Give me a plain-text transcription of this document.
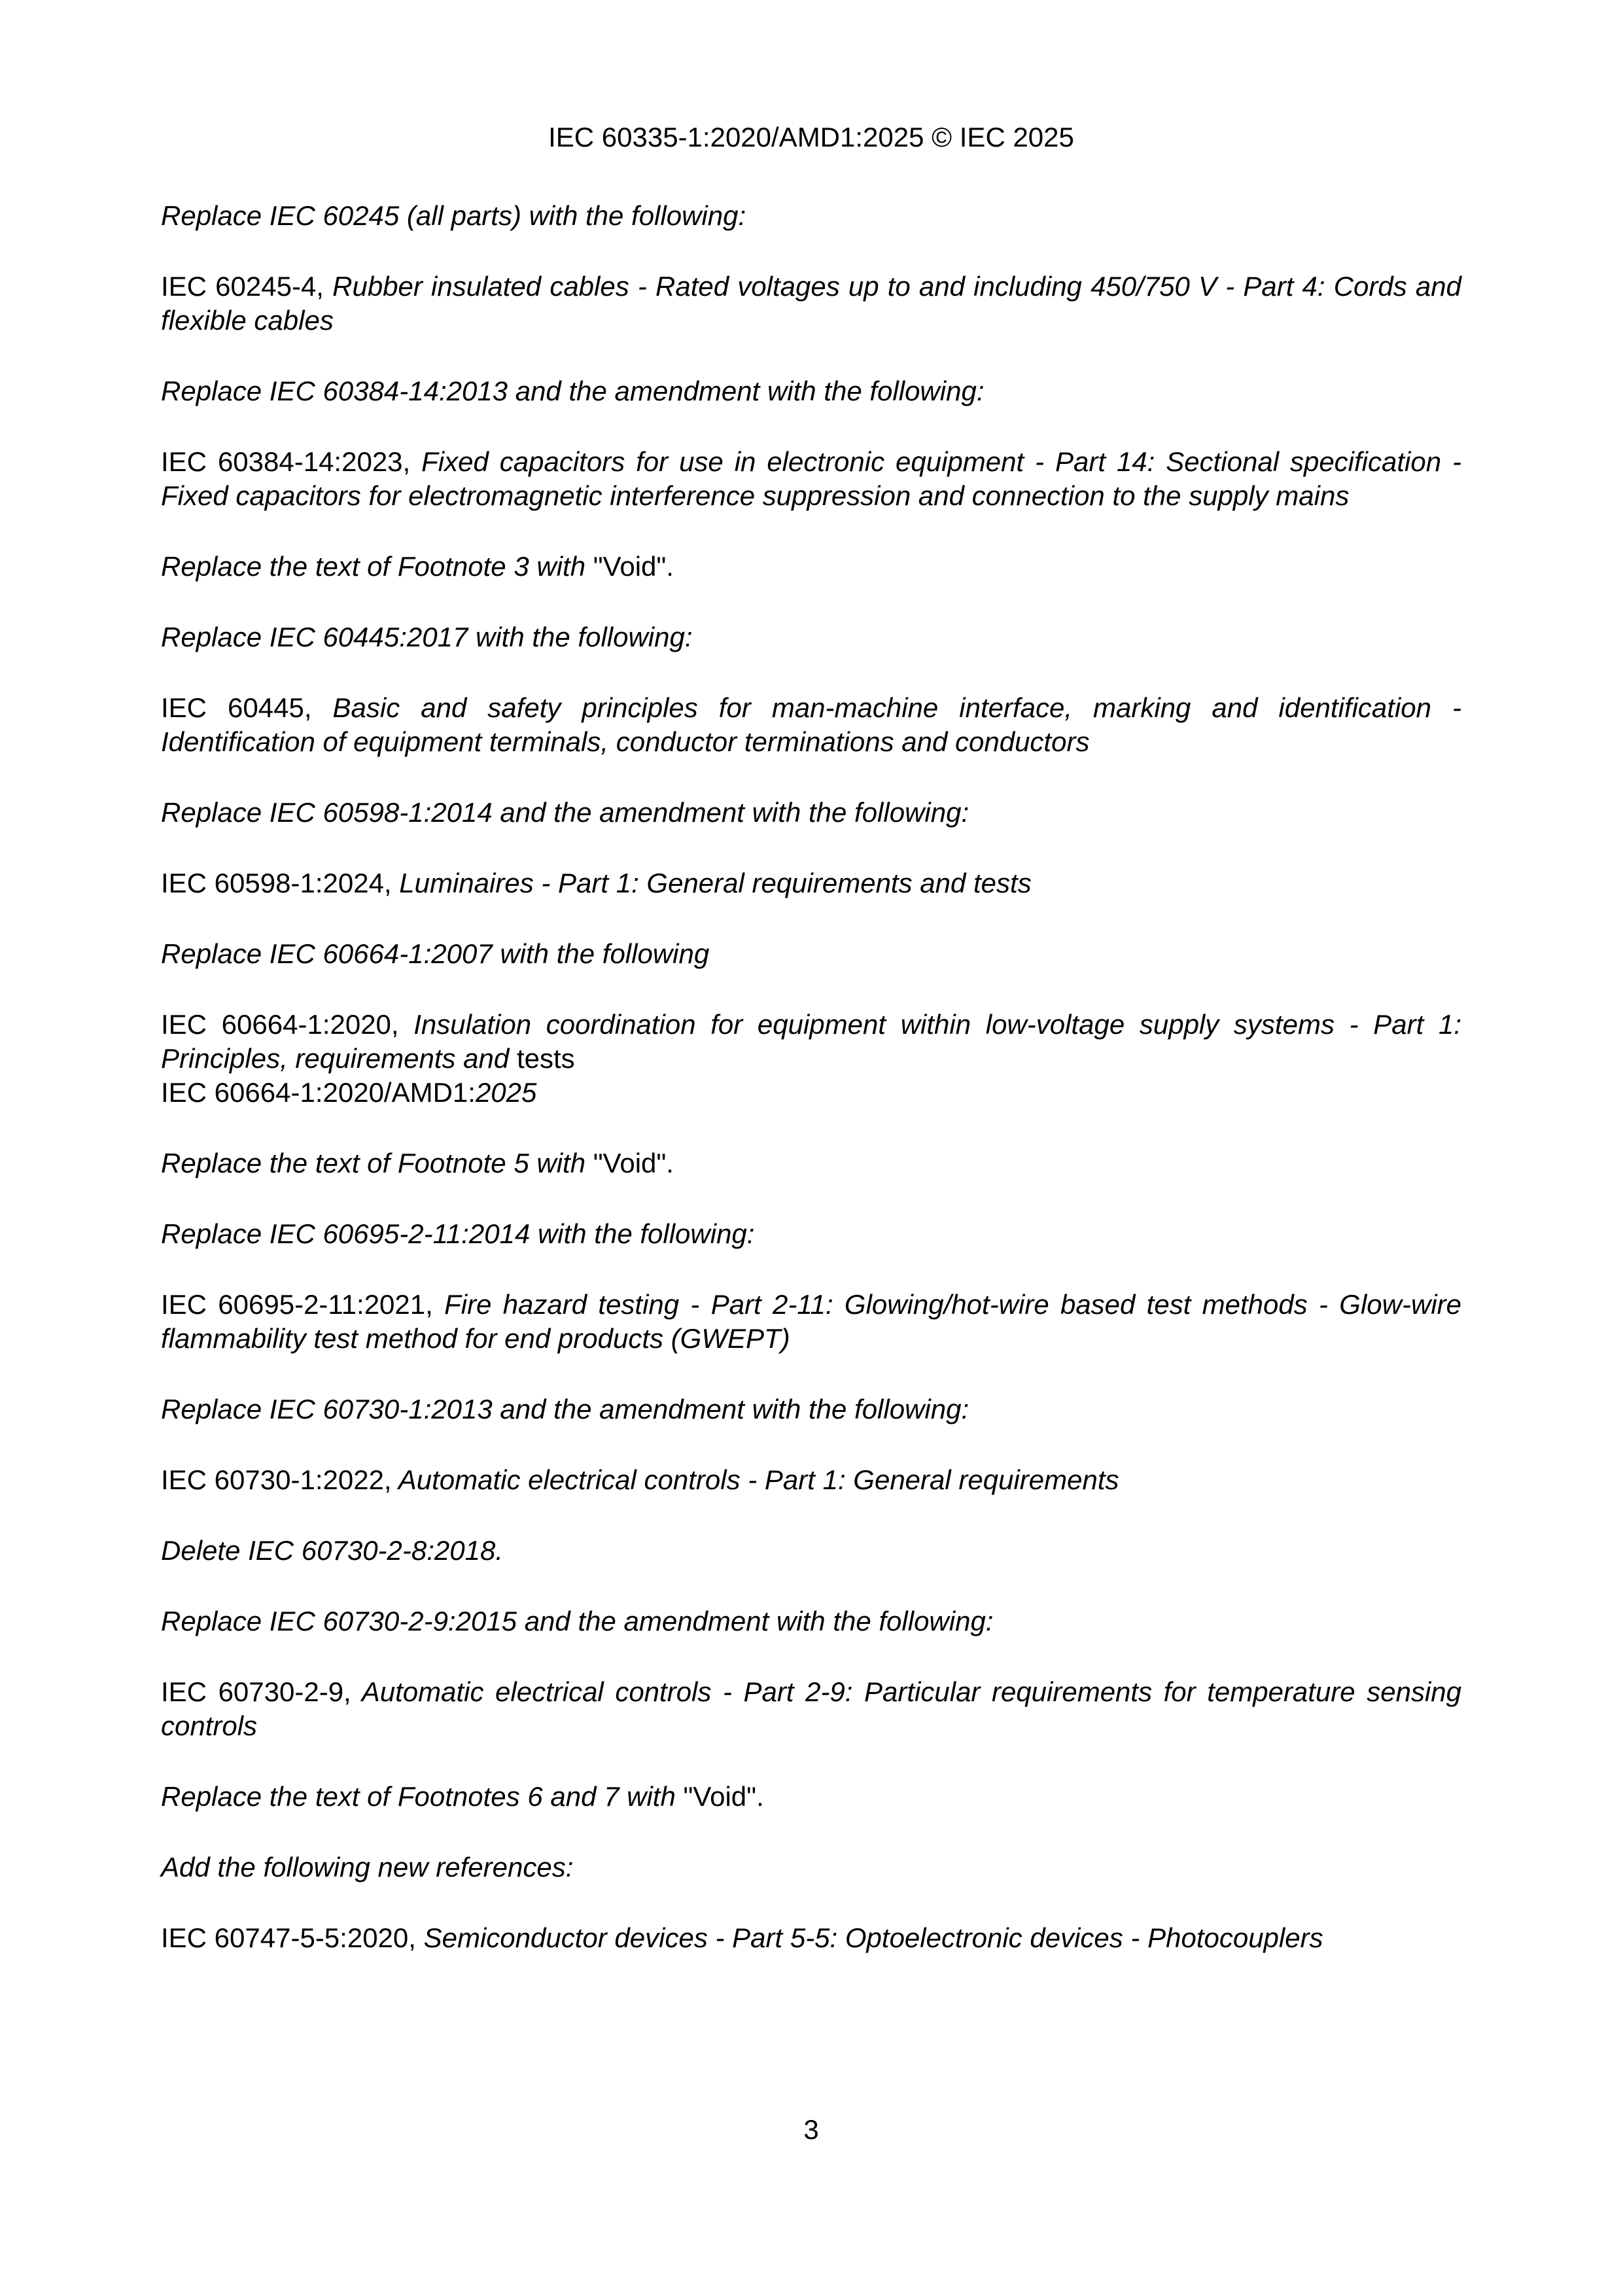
IEC 60335-1:2020/AMD1:2025 © IEC 2025

Replace IEC 60245 (all parts) with the following:

IEC 60245-4, Rubber insulated cables - Rated voltages up to and including 450/750 V - Part 4: Cords and flexible cables

Replace IEC 60384-14:2013 and the amendment with the following:

IEC 60384-14:2023, Fixed capacitors for use in electronic equipment - Part 14: Sectional specification - Fixed capacitors for electromagnetic interference suppression and connection to the supply mains

Replace the text of Footnote 3 with "Void".

Replace IEC 60445:2017 with the following:

IEC 60445, Basic and safety principles for man-machine interface, marking and identification - Identification of equipment terminals, conductor terminations and conductors

Replace IEC 60598-1:2014 and the amendment with the following:

IEC 60598-1:2024, Luminaires - Part 1: General requirements and tests

Replace IEC 60664-1:2007 with the following

IEC 60664-1:2020, Insulation coordination for equipment within low-voltage supply systems - Part 1: Principles, requirements and tests
IEC 60664-1:2020/AMD1:2025

Replace the text of Footnote 5 with "Void".

Replace IEC 60695-2-11:2014 with the following:

IEC 60695-2-11:2021, Fire hazard testing - Part 2-11: Glowing/hot-wire based test methods - Glow-wire flammability test method for end products (GWEPT)

Replace IEC 60730-1:2013 and the amendment with the following:

IEC 60730-1:2022, Automatic electrical controls - Part 1: General requirements

Delete IEC 60730-2-8:2018.

Replace IEC 60730-2-9:2015 and the amendment with the following:

IEC 60730-2-9, Automatic electrical controls - Part 2-9: Particular requirements for temperature sensing controls

Replace the text of Footnotes 6 and 7 with "Void".

Add the following new references:

IEC 60747-5-5:2020, Semiconductor devices - Part 5-5: Optoelectronic devices - Photocouplers

3
